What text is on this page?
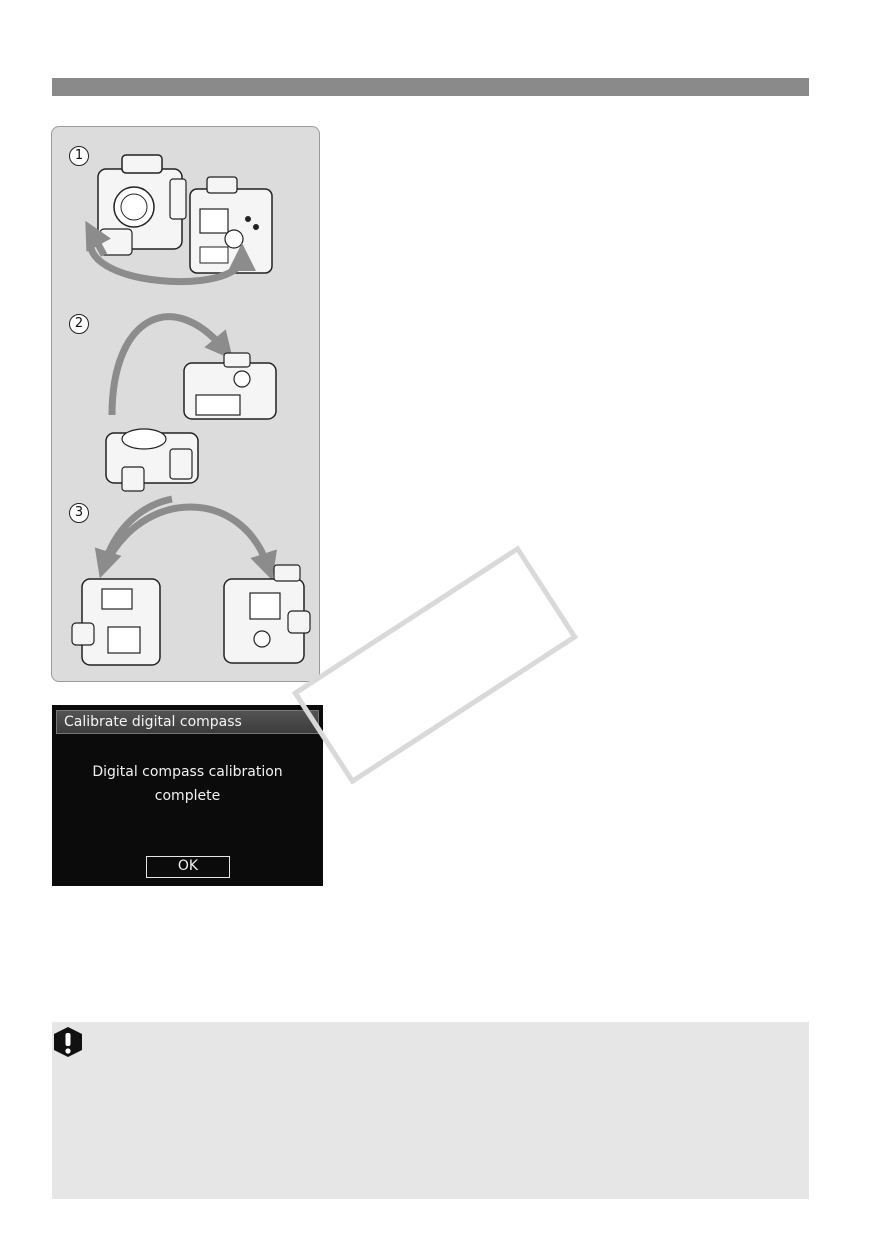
1
2
3
Calibrate digital compass
Digital compass calibration
complete
OK
